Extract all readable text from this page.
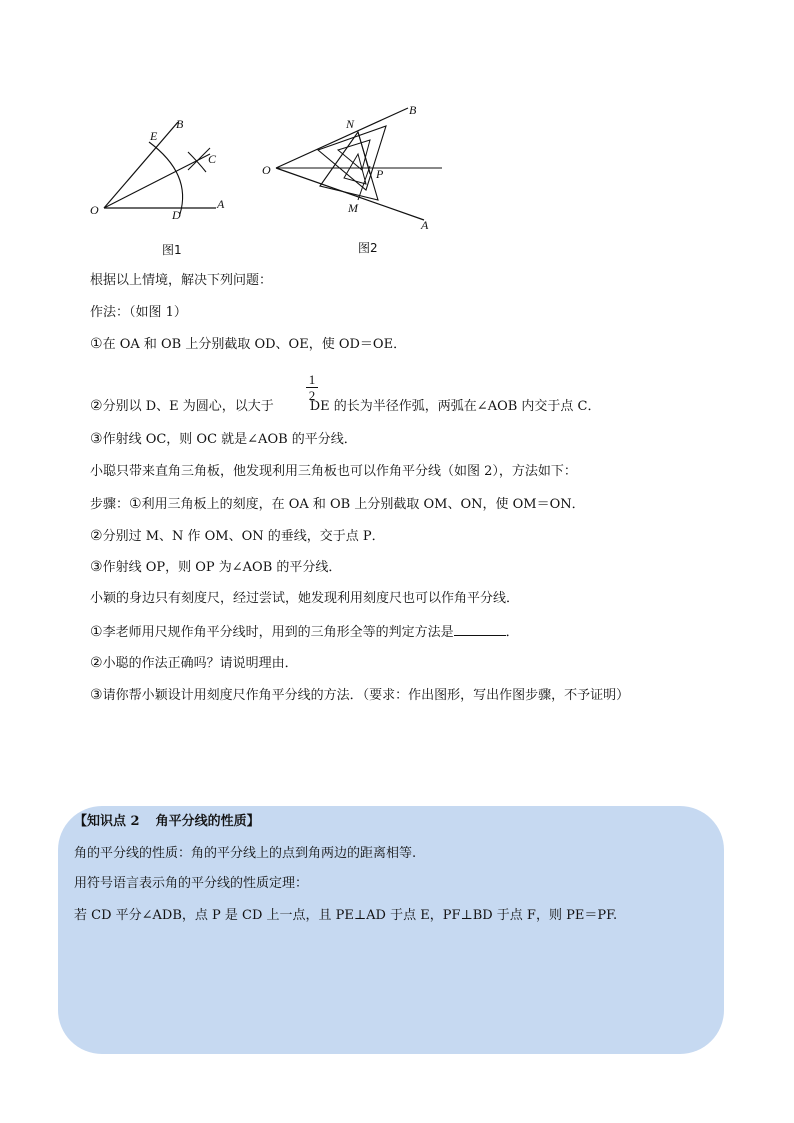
O	A
B
C
D
E
图1
O
A
B
N
M
P
图2
根据以上情境，解决下列问题：
作法：（如图 1）
①在 OA 和 OB 上分别截取 OD、OE，使 OD＝OE．
1
2
②分别以 D、E 为圆心，以大于	DE 的长为半径作弧，两弧在∠AOB 内交于点 C．
③作射线 OC，则 OC 就是∠AOB 的平分线．
小聪只带来直角三角板，他发现利用三角板也可以作角平分线（如图 2），方法如下：
步骤：①利用三角板上的刻度，在 OA 和 OB 上分别截取 OM、ON，使 OM＝ON．
②分别过 M、N 作 OM、ON 的垂线，交于点 P．
③作射线 OP，则 OP 为∠AOB 的平分线．
小颖的身边只有刻度尺，经过尝试，她发现利用刻度尺也可以作角平分线．
①李老师用尺规作角平分线时，用到的三角形全等的判定方法是	．
②小聪的作法正确吗？请说明理由．
③请你帮小颖设计用刻度尺作角平分线的方法．（要求：作出图形，写出作图步骤，不予证明）
【知识点 2 角平分线的性质】
角的平分线的性质：角的平分线上的点到角两边的距离相等.
用符号语言表示角的平分线的性质定理：
若 CD 平分∠ADB，点 P 是 CD 上一点，且 PE⊥AD 于点 E，PF⊥BD 于点 F，则 PE＝PF.
